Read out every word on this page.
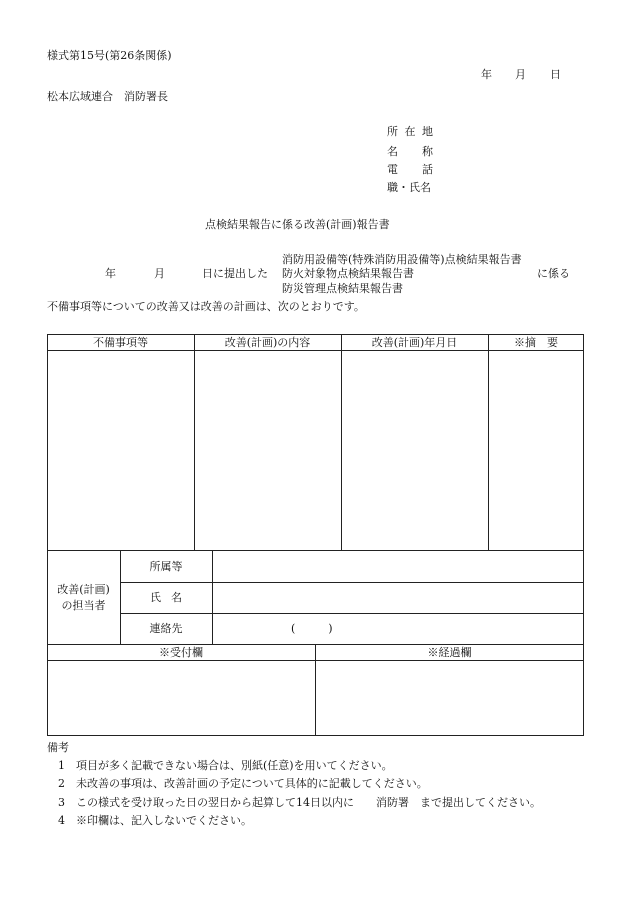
様式第15号(第26条関係)
年 月 日
松本広域連合　消防署長
所 在 地
名 称
電 話
職・氏名
点検結果報告に係る改善(計画)報告書
消防用設備等(特殊消防用設備等)点検結果報告書
年	月	日に提出した 防火対象物点検結果報告書	に係る
防災管理点検結果報告書
不備事項等についての改善又は改善の計画は、次のとおりです。
不備事項等	改善(計画)の内容	改善(計画)年月日	※摘　要
改善(計画)
の担当者
所属等
氏 名
連絡先	(　　　)
※受付欄	※経過欄
備考
1 項目が多く記載できない場合は、別紙(任意)を用いてください。
2 未改善の事項は、改善計画の予定について具体的に記載してください。
3 この様式を受け取った日の翌日から起算して14日以内に　　消防署　まで提出してください。
4 ※印欄は、記入しないでください。
